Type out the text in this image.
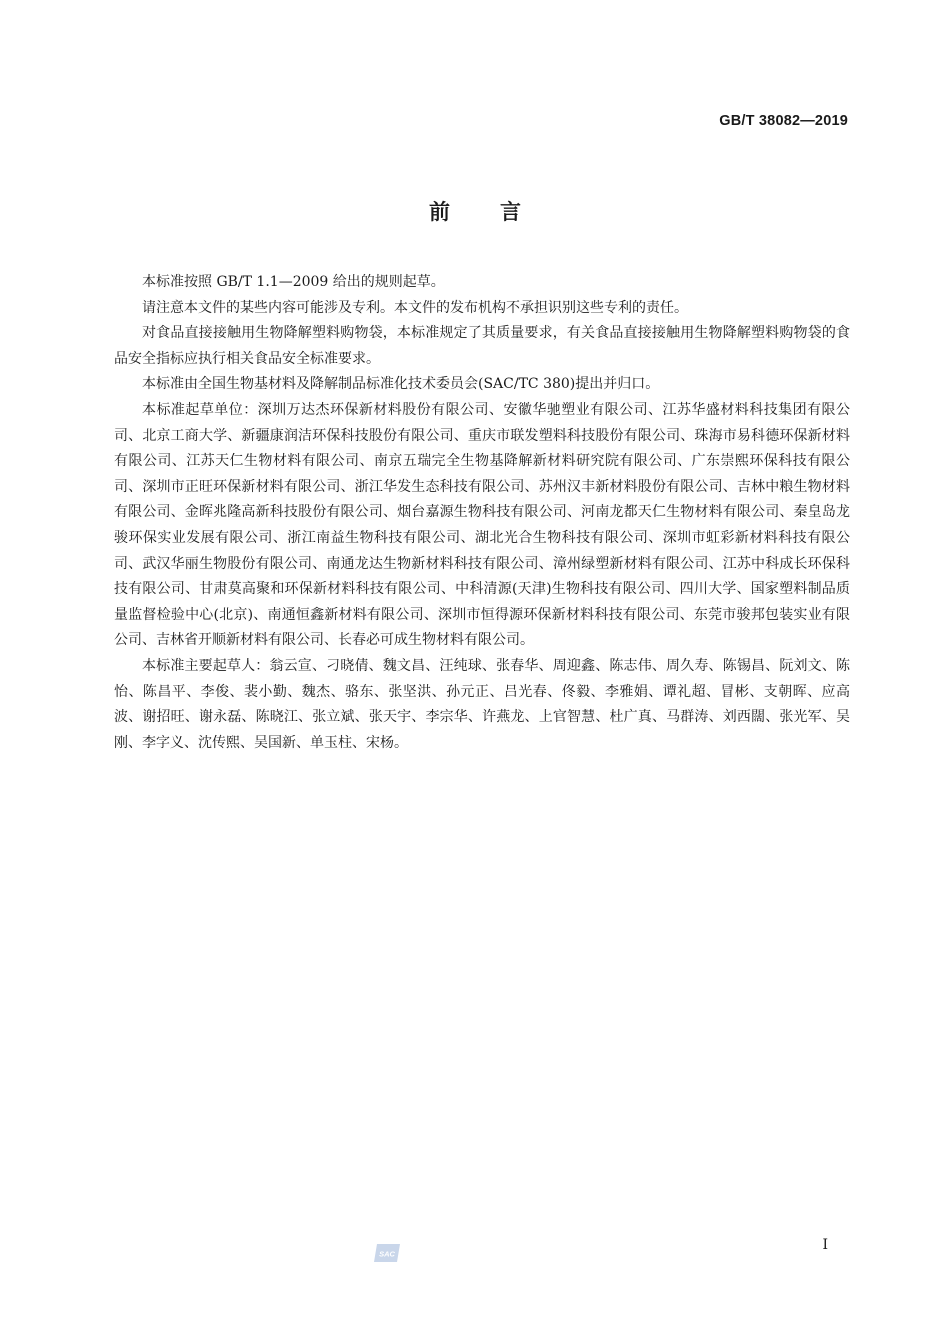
GB/T 38082—2019
前 言

本标准按照 GB/T 1.1—2009 给出的规则起草。

请注意本文件的某些内容可能涉及专利。本文件的发布机构不承担识别这些专利的责任。

对食品直接接触用生物降解塑料购物袋，本标准规定了其质量要求，有关食品直接接触用生物降解塑料购物袋的食品安全指标应执行相关食品安全标准要求。

本标准由全国生物基材料及降解制品标准化技术委员会(SAC/TC 380)提出并归口。

本标准起草单位：深圳万达杰环保新材料股份有限公司、安徽华驰塑业有限公司、江苏华盛材料科技集团有限公司、北京工商大学、新疆康润洁环保科技股份有限公司、重庆市联发塑料科技股份有限公司、珠海市易科德环保新材料有限公司、江苏天仁生物材料有限公司、南京五瑞完全生物基降解新材料研究院有限公司、广东崇熙环保科技有限公司、深圳市正旺环保新材料有限公司、浙江华发生态科技有限公司、苏州汉丰新材料股份有限公司、吉林中粮生物材料有限公司、金晖兆隆高新科技股份有限公司、烟台嘉源生物科技有限公司、河南龙都天仁生物材料有限公司、秦皇岛龙骏环保实业发展有限公司、浙江南益生物科技有限公司、湖北光合生物科技有限公司、深圳市虹彩新材料科技有限公司、武汉华丽生物股份有限公司、南通龙达生物新材料科技有限公司、漳州绿塑新材料有限公司、江苏中科成长环保科技有限公司、甘肃莫高聚和环保新材料科技有限公司、中科清源(天津)生物科技有限公司、四川大学、国家塑料制品质量监督检验中心(北京)、南通恒鑫新材料有限公司、深圳市恒得源环保新材料科技有限公司、东莞市骏邦包装实业有限公司、吉林省开顺新材料有限公司、长春必可成生物材料有限公司。

本标准主要起草人：翁云宣、刁晓倩、魏文昌、汪纯球、张春华、周迎鑫、陈志伟、周久寿、陈锡昌、阮刘文、陈怡、陈昌平、李俊、裴小勤、魏杰、骆东、张坚洪、孙元正、吕光春、佟毅、李雅娟、谭礼超、冒彬、支朝晖、应高波、谢招旺、谢永磊、陈晓江、张立斌、张天宇、李宗华、许燕龙、上官智慧、杜广真、马群涛、刘西闊、张光军、吴刚、李字义、沈传熙、吴国新、单玉柱、宋杨。

SAC
I
